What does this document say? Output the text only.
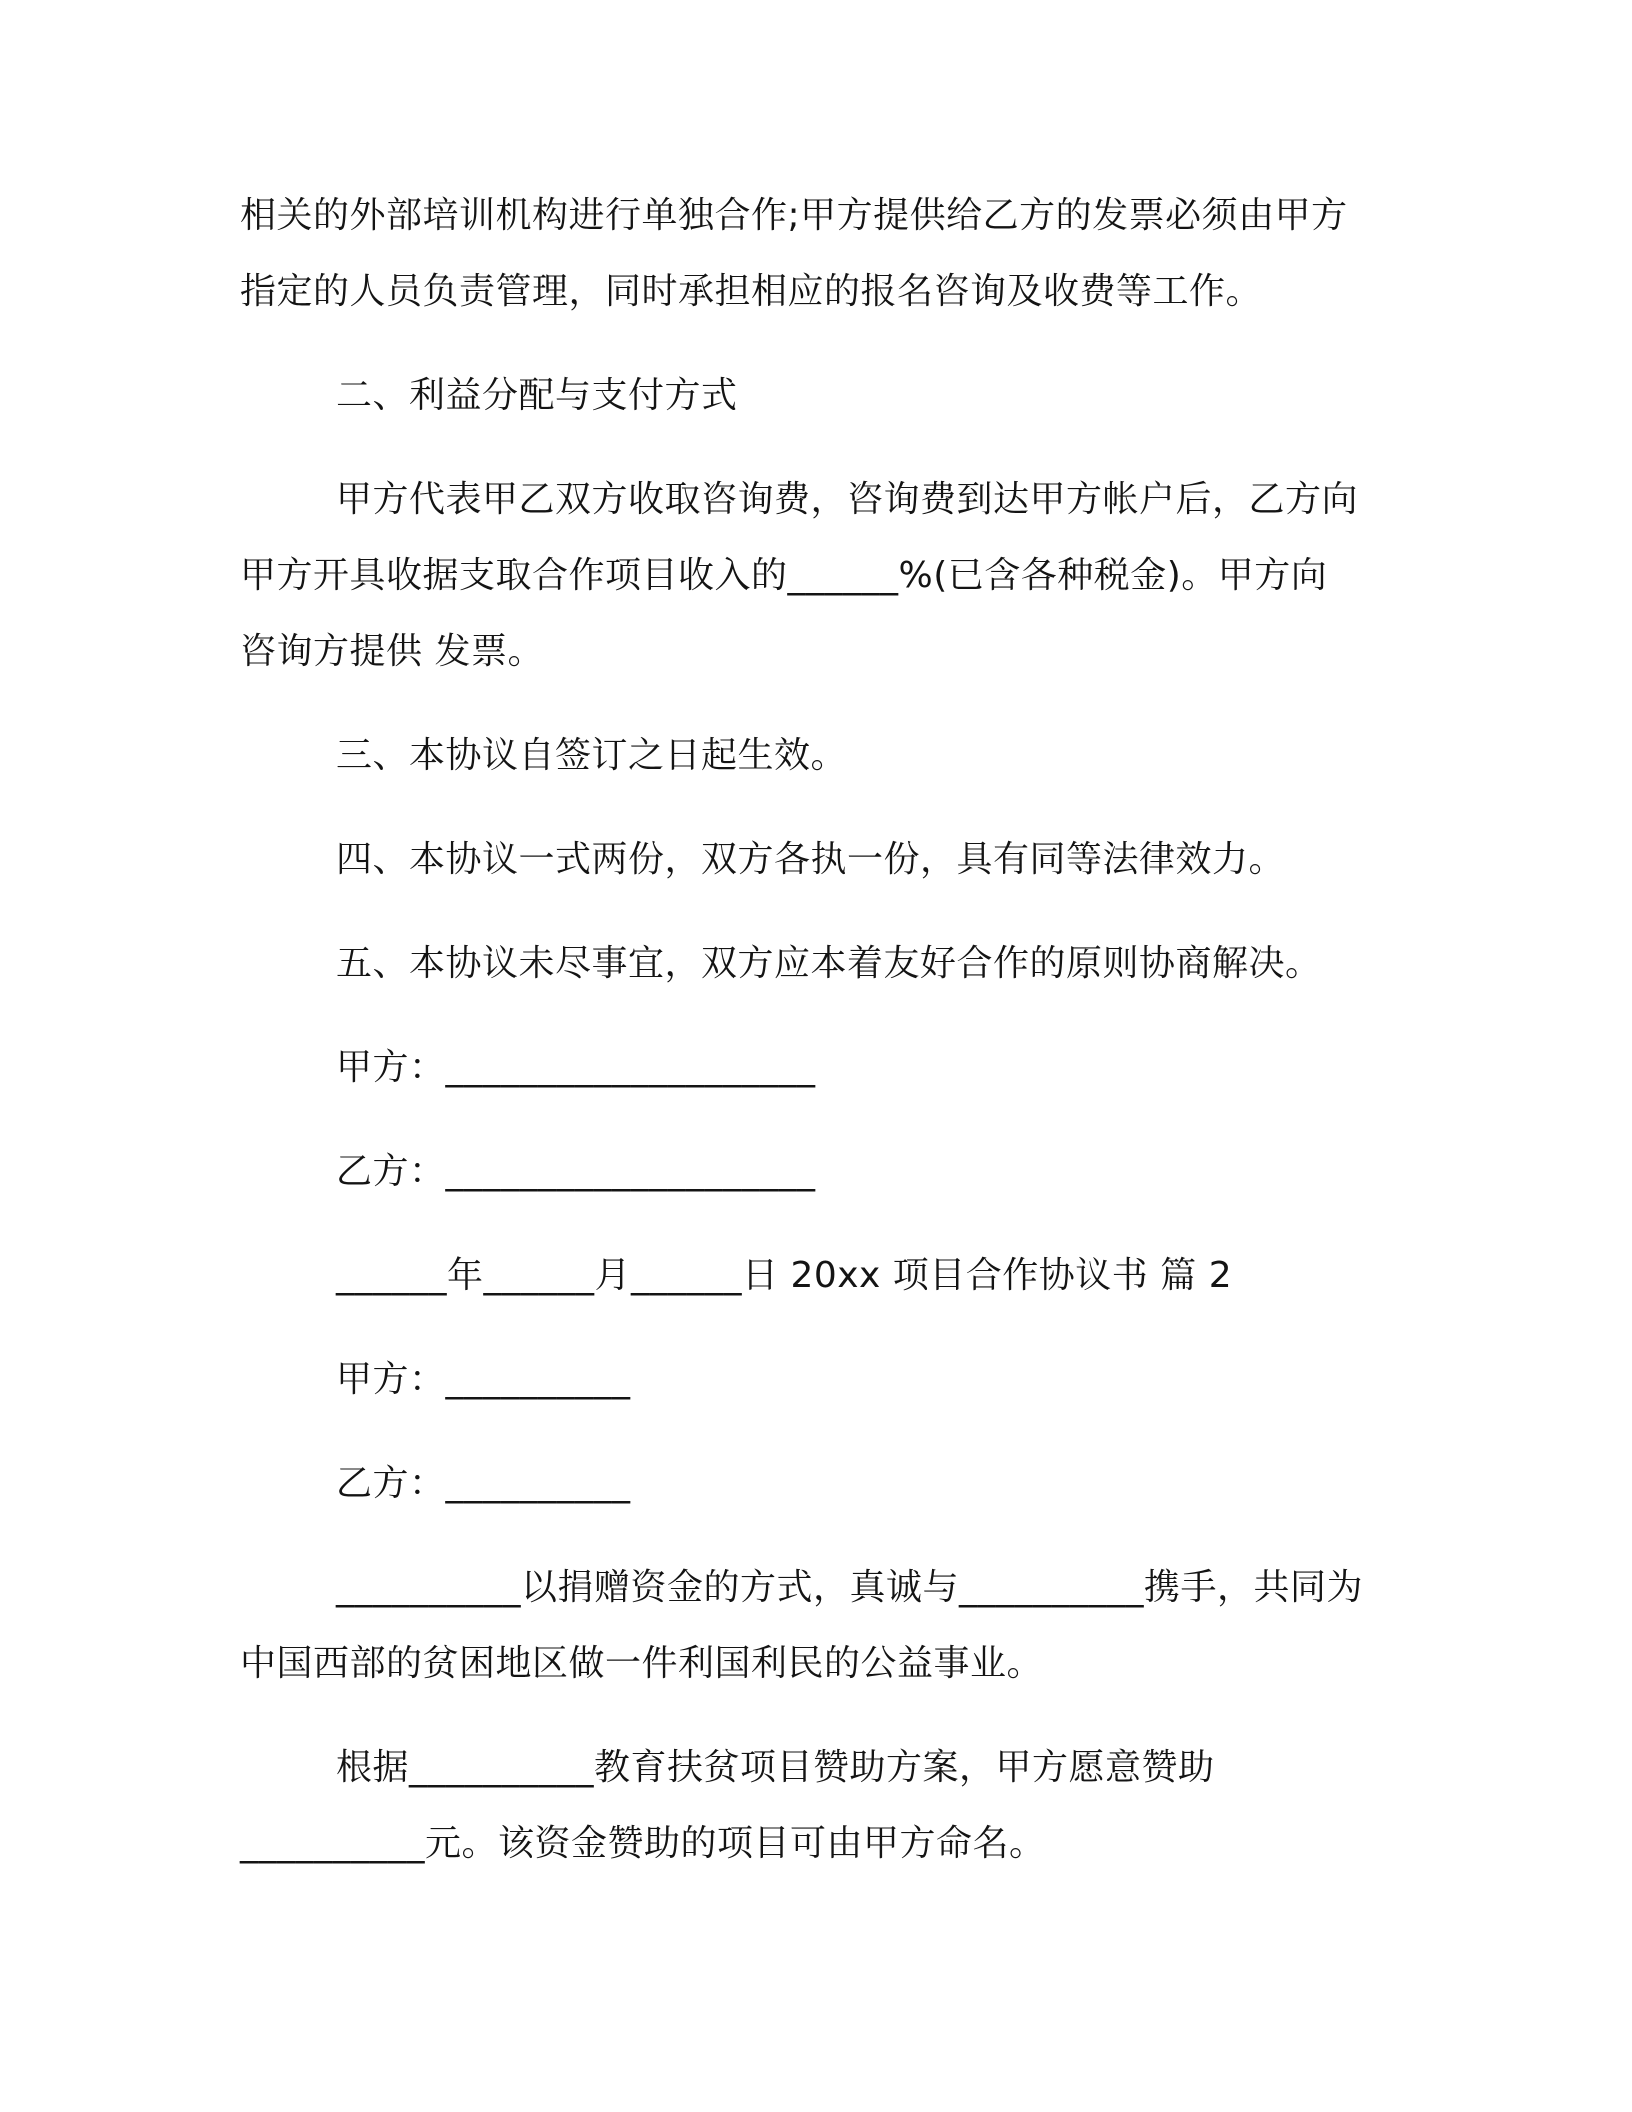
相关的外部培训机构进行单独合作;甲方提供给乙方的发票必须由甲方
指定的人员负责管理，同时承担相应的报名咨询及收费等工作。
二、利益分配与支付方式
甲方代表甲乙双方收取咨询费，咨询费到达甲方帐户后，乙方向
甲方开具收据支取合作项目收入的______%(已含各种税金)。甲方向
咨询方提供 发票。
三、本协议自签订之日起生效。
四、本协议一式两份，双方各执一份，具有同等法律效力。
五、本协议未尽事宜，双方应本着友好合作的原则协商解决。
甲方：____________________
乙方：____________________
______年______月______日 20xx 项目合作协议书 篇 2
甲方：__________
乙方：__________
__________以捐赠资金的方式，真诚与__________携手，共同为
中国西部的贫困地区做一件利国利民的公益事业。
根据__________教育扶贫项目赞助方案，甲方愿意赞助
__________元。该资金赞助的项目可由甲方命名。
